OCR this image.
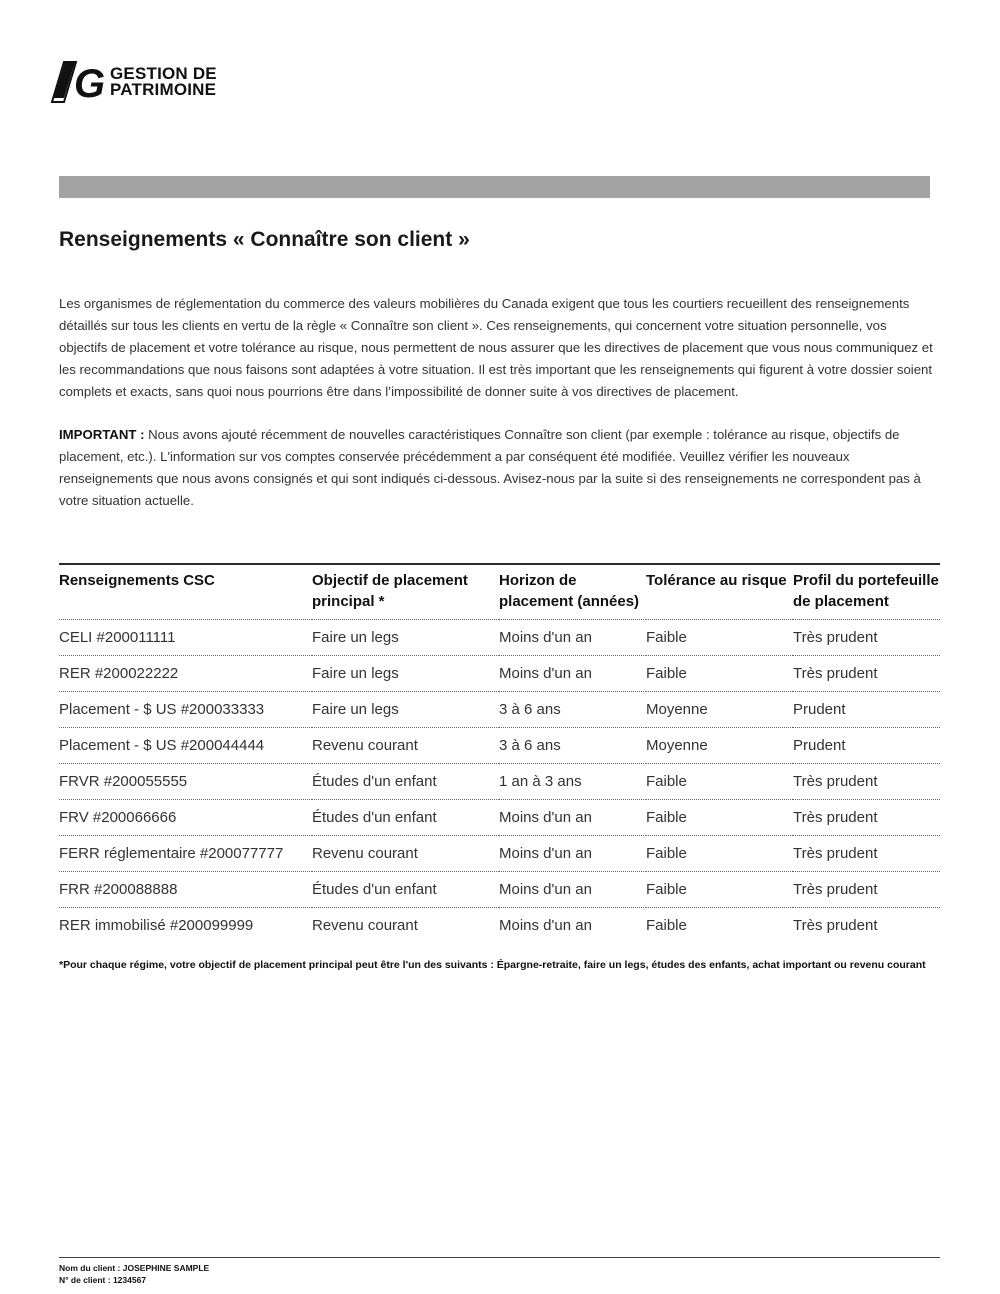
G GESTION DE
PATRIMOINE
Renseignements « Connaître son client »
Les organismes de réglementation du commerce des valeurs mobilières du Canada exigent que tous les courtiers recueillent des renseignements détaillés sur tous les clients en vertu de la règle « Connaître son client ». Ces renseignements, qui concernent votre situation personnelle, vos objectifs de placement et votre tolérance au risque, nous permettent de nous assurer que les directives de placement que vous nous communiquez et les recommandations que nous faisons sont adaptées à votre situation. Il est très important que les renseignements qui figurent à votre dossier soient complets et exacts, sans quoi nous pourrions être dans l’impossibilité de donner suite à vos directives de placement.
IMPORTANT : Nous avons ajouté récemment de nouvelles caractéristiques Connaître son client (par exemple : tolérance au risque, objectifs de placement, etc.). L'information sur vos comptes conservée précédemment a par conséquent été modifiée. Veuillez vérifier les nouveaux renseignements que nous avons consignés et qui sont indiqués ci-dessous. Avisez-nous par la suite si des renseignements ne correspondent pas à votre situation actuelle.
Renseignements CSC	Objectif de placement principal *	Horizon de placement (années)	Tolérance au risque	Profil du portefeuille de placement
CELI #200011111	Faire un legs	Moins d'un an	Faible	Très prudent
RER #200022222	Faire un legs	Moins d'un an	Faible	Très prudent
Placement - $ US #200033333	Faire un legs	3 à 6 ans	Moyenne	Prudent
Placement - $ US #200044444	Revenu courant	3 à 6 ans	Moyenne	Prudent
FRVR #200055555	Études d'un enfant	1 an à 3 ans	Faible	Très prudent
FRV #200066666	Études d'un enfant	Moins d'un an	Faible	Très prudent
FERR réglementaire #200077777	Revenu courant	Moins d'un an	Faible	Très prudent
FRR #200088888	Études d'un enfant	Moins d'un an	Faible	Très prudent
RER immobilisé #200099999	Revenu courant	Moins d'un an	Faible	Très prudent
*Pour chaque régime, votre objectif de placement principal peut être l'un des suivants : Épargne-retraite, faire un legs, études des enfants, achat important ou revenu courant
Nom du client : JOSEPHINE SAMPLE
N° de client : 1234567
